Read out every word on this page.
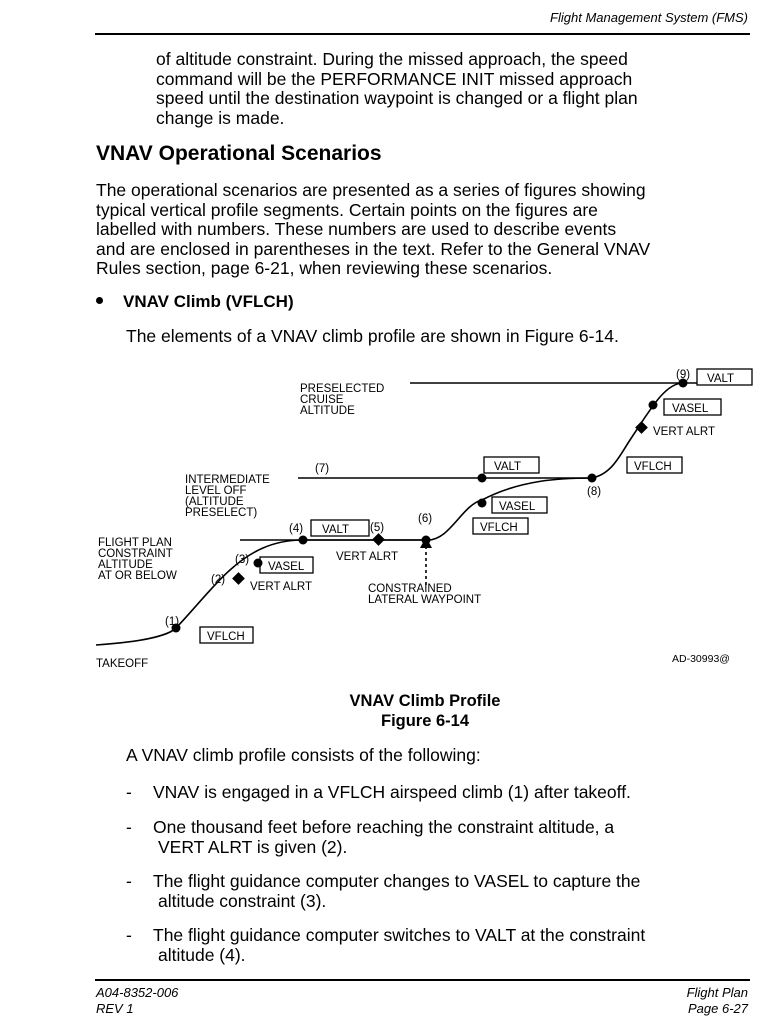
Flight Management System (FMS)
of altitude constraint. During the missed approach, the speed
command will be the PERFORMANCE INIT missed approach
speed until the destination waypoint is changed or a flight plan
change is made.
VNAV Operational Scenarios
The operational scenarios are presented as a series of figures showing
typical vertical profile segments. Certain points on the figures are
labelled with numbers. These numbers are used to describe events
and are enclosed in parentheses in the text. Refer to the General VNAV
Rules section, page 6-21, when reviewing these scenarios.
VNAV Climb (VFLCH)
The elements of a VNAV climb profile are shown in Figure 6-14.
PRESELECTED
CRUISE
ALTITUDE
INTERMEDIATE
LEVEL OFF
(ALTITUDE
PRESELECT)
FLIGHT PLAN
CONSTRAINT
ALTITUDE
AT OR BELOW
CONSTRAINED
LATERAL WAYPOINT
TAKEOFF	AD-30993@
(1)
(2)
(3)
(4)	(5)
(6)
(7)
(8)
(9)
VFLCH
VASEL
VALT	VFLCH
VASEL
VALT	VFLCH
VASEL
VALT
VERT ALRT
VERT ALRT
VERT ALRT
VNAV Climb Profile
Figure 6-14
A VNAV climb profile consists of the following:
- VNAV is engaged in a VFLCH airspeed climb (1) after takeoff.
- One thousand feet before reaching the constraint altitude, a
VERT ALRT is given (2).
- The flight guidance computer changes to VASEL to capture the
altitude constraint (3).
- The flight guidance computer switches to VALT at the constraint
altitude (4).
A04-8352-006
REV 1
Flight Plan
Page 6-27
